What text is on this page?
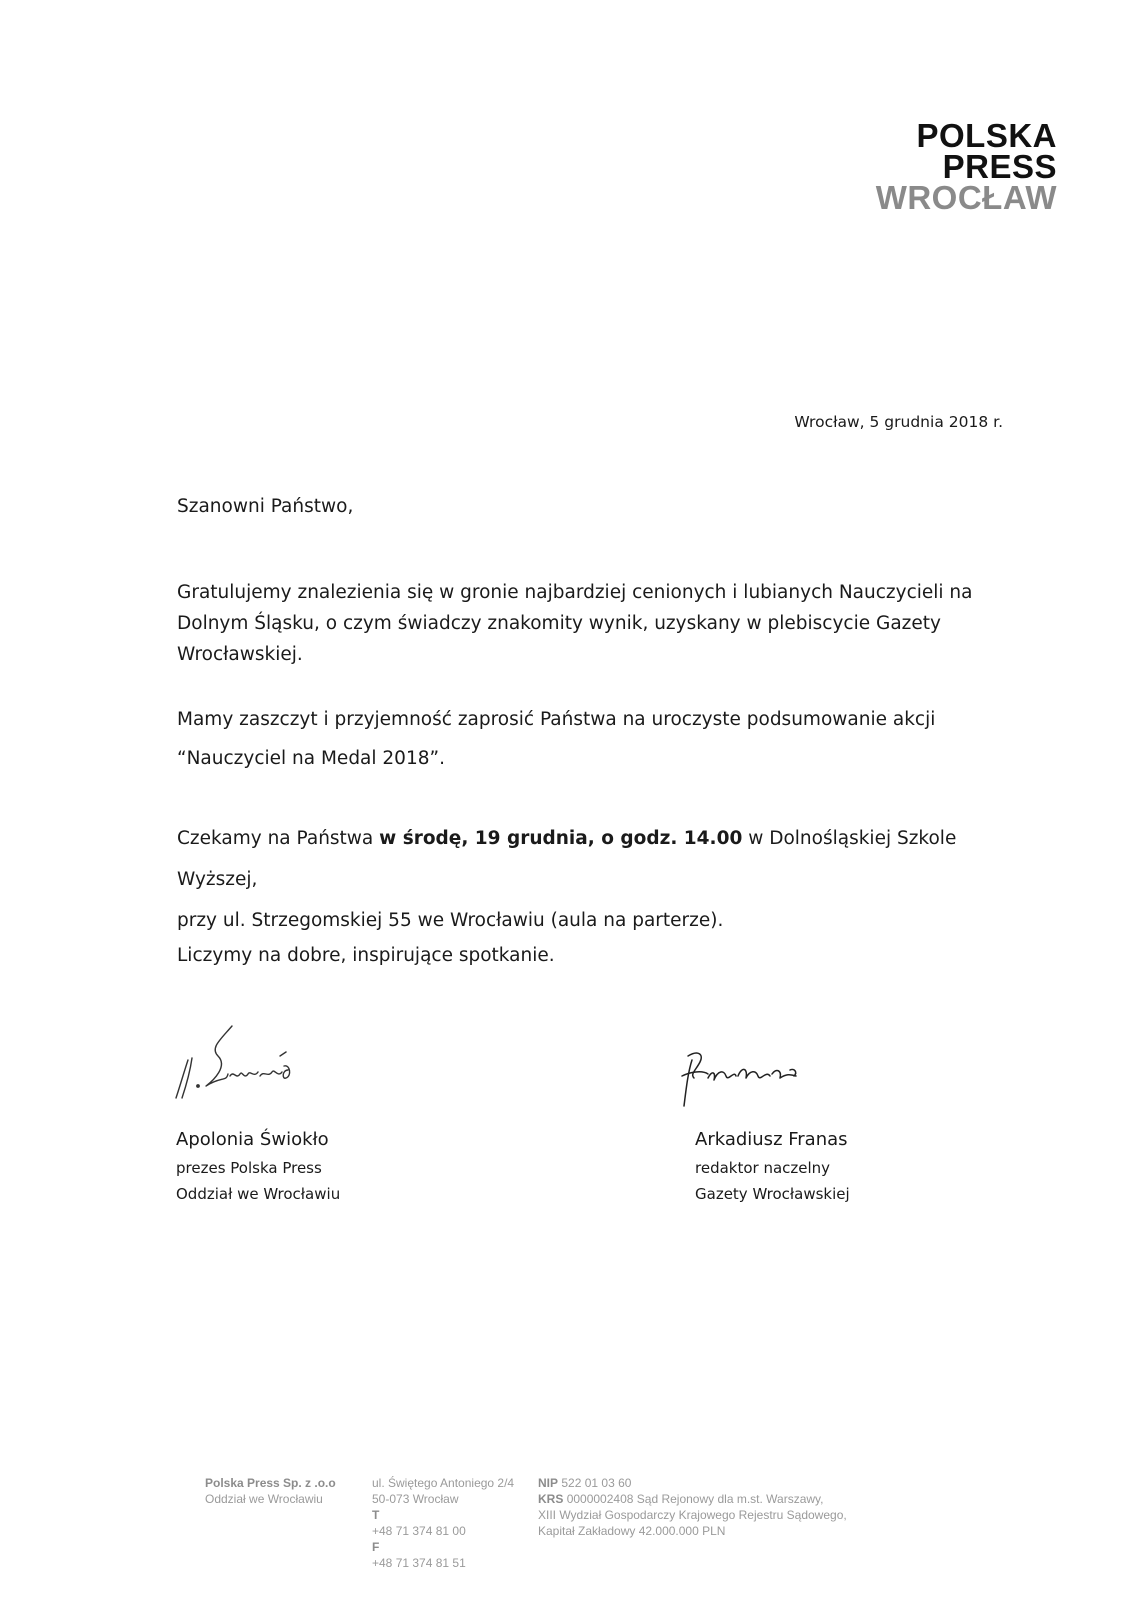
POLSKA
PRESS
WROCŁAW
Wrocław, 5 grudnia 2018 r.
Szanowni Państwo,
Gratulujemy znalezienia się w gronie najbardziej cenionych i lubianych Nauczycieli na
Dolnym Śląsku, o czym świadczy znakomity wynik, uzyskany w plebiscycie Gazety
Wrocławskiej.
Mamy zaszczyt i przyjemność zaprosić Państwa na uroczyste podsumowanie akcji
“Nauczyciel na Medal 2018”.
Czekamy na Państwa w środę, 19 grudnia, o godz. 14.00 w Dolnośląskiej Szkole Wyższej,
przy ul. Strzegomskiej 55 we Wrocławiu (aula na parterze).
Liczymy na dobre, inspirujące spotkanie.
Apolonia Świokło
prezes Polska Press
Oddział we Wrocławiu
Arkadiusz Franas
redaktor naczelny
Gazety Wrocławskiej
Polska Press Sp. z .o.o
Oddział we Wrocławiu
ul. Świętego Antoniego 2/4
50-073 Wrocław
T
+48 71 374 81 00
F
+48 71 374 81 51
NIP 522 01 03 60
KRS 0000002408 Sąd Rejonowy dla m.st. Warszawy,
XIII Wydział Gospodarczy Krajowego Rejestru Sądowego,
Kapitał Zakładowy 42.000.000 PLN
